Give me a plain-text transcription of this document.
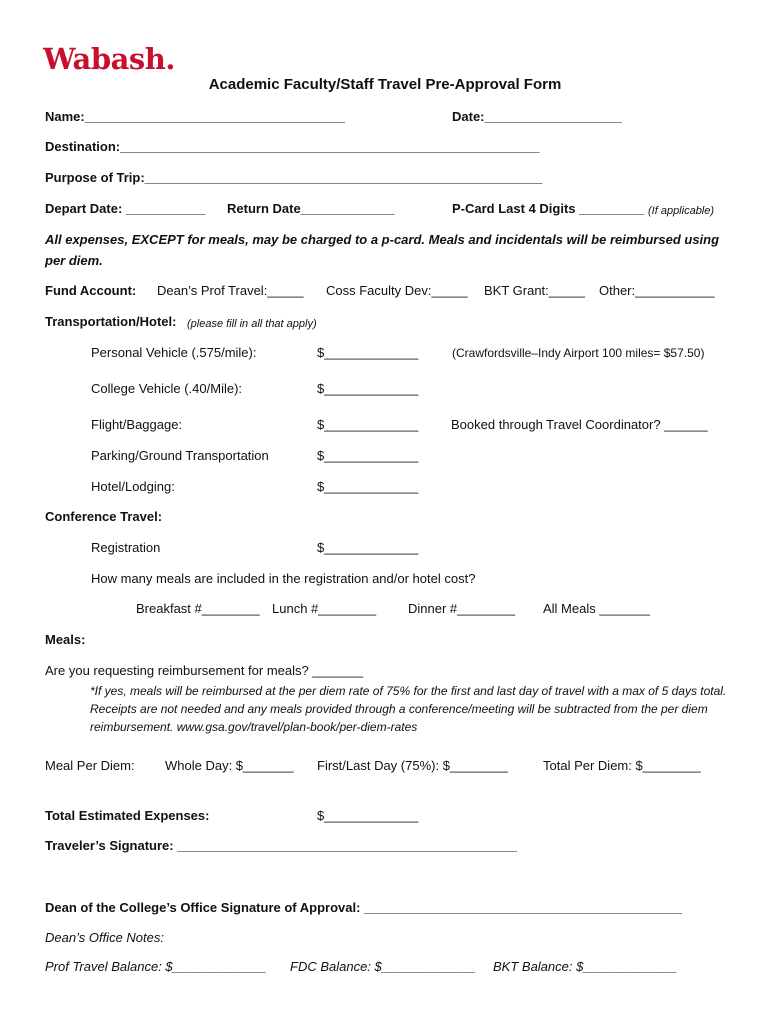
Wabash.
Academic Faculty/Staff Travel Pre-Approval Form
Name:____________________________________	Date:___________________
Destination:__________________________________________________________
Purpose of Trip:_______________________________________________________
Depart Date: ___________ Return Date_____________	P-Card Last 4 Digits _________ (If applicable)
All expenses, EXCEPT for meals, may be charged to a p-card. Meals and incidentals will be reimbursed using per diem.
Fund Account: Dean’s Prof Travel:_____ Coss Faculty Dev:_____ BKT Grant:_____ Other:___________
Transportation/Hotel: (please fill in all that apply)
Personal Vehicle (.575/mile):	$_____________	(Crawfordsville–Indy Airport 100 miles= $57.50)
College Vehicle (.40/Mile):	$_____________
Flight/Baggage:	$_____________	Booked through Travel Coordinator? ______
Parking/Ground Transportation	$_____________
Hotel/Lodging:	$_____________
Conference Travel:
Registration	$_____________
How many meals are included in the registration and/or hotel cost?
Breakfast #________ Lunch #________ Dinner #________ All Meals _______
Meals:
Are you requesting reimbursement for meals? _______
*If yes, meals will be reimbursed at the per diem rate of 75% for the first and last day of travel with a max of 5 days total. Receipts are not needed and any meals provided through a conference/meeting will be subtracted from the per diem reimbursement. www.gsa.gov/travel/plan-book/per-diem-rates
Meal Per Diem: Whole Day: $_______ First/Last Day (75%): $________	Total Per Diem: $________
Total Estimated Expenses:	$_____________
Traveler’s Signature: _______________________________________________
Dean of the College’s Office Signature of Approval: ____________________________________________
Dean’s Office Notes:
Prof Travel Balance: $_____________ FDC Balance: $_____________ BKT Balance: $_____________
